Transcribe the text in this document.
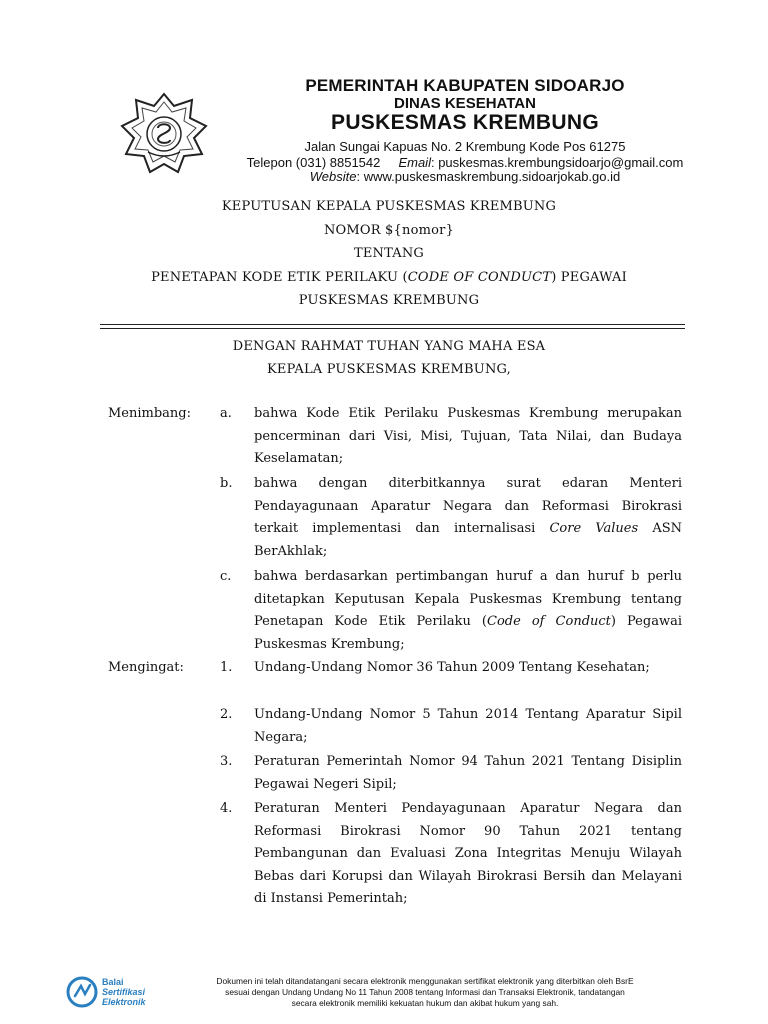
PEMERINTAH KABUPATEN SIDOARJO
DINAS KESEHATAN
PUSKESMAS KREMBUNG
Jalan Sungai Kapuas No. 2 Krembung Kode Pos 61275
Telepon (031) 8851542 Email: puskesmas.krembungsidoarjo@gmail.com
Website: www.puskesmaskrembung.sidoarjokab.go.id
KEPUTUSAN KEPALA PUSKESMAS KREMBUNG
NOMOR ${nomor}
TENTANG
PENETAPAN KODE ETIK PERILAKU (CODE OF CONDUCT) PEGAWAI
PUSKESMAS KREMBUNG
DENGAN RAHMAT TUHAN YANG MAHA ESA
KEPALA PUSKESMAS KREMBUNG,
Menimbang: a. bahwa Kode Etik Perilaku Puskesmas Krembung merupakan pencerminan dari Visi, Misi, Tujuan, Tata Nilai, dan Budaya Keselamatan;
b. bahwa dengan diterbitkannya surat edaran Menteri Pendayagunaan Aparatur Negara dan Reformasi Birokrasi terkait implementasi dan internalisasi Core Values ASN BerAkhlak;
c. bahwa berdasarkan pertimbangan huruf a dan huruf b perlu ditetapkan Keputusan Kepala Puskesmas Krembung tentang Penetapan Kode Etik Perilaku (Code of Conduct) Pegawai Puskesmas Krembung;
Mengingat:	1. Undang-Undang Nomor 36 Tahun 2009 Tentang Kesehatan;
2. Undang-Undang Nomor 5 Tahun 2014 Tentang Aparatur Sipil Negara;
3. Peraturan Pemerintah Nomor 94 Tahun 2021 Tentang Disiplin Pegawai Negeri Sipil;
4. Peraturan Menteri Pendayagunaan Aparatur Negara dan Reformasi Birokrasi Nomor 90 Tahun 2021 tentang Pembangunan dan Evaluasi Zona Integritas Menuju Wilayah Bebas dari Korupsi dan Wilayah Birokrasi Bersih dan Melayani di Instansi Pemerintah;
Balai
Sertifikasi
Elektronik
Dokumen ini telah ditandatangani secara elektronik menggunakan sertifikat elektronik yang diterbitkan oleh BsrE
sesuai dengan Undang Undang No 11 Tahun 2008 tentang Informasi dan Transaksi Elektronik, tandatangan
secara elektronik memiliki kekuatan hukum dan akibat hukum yang sah.
